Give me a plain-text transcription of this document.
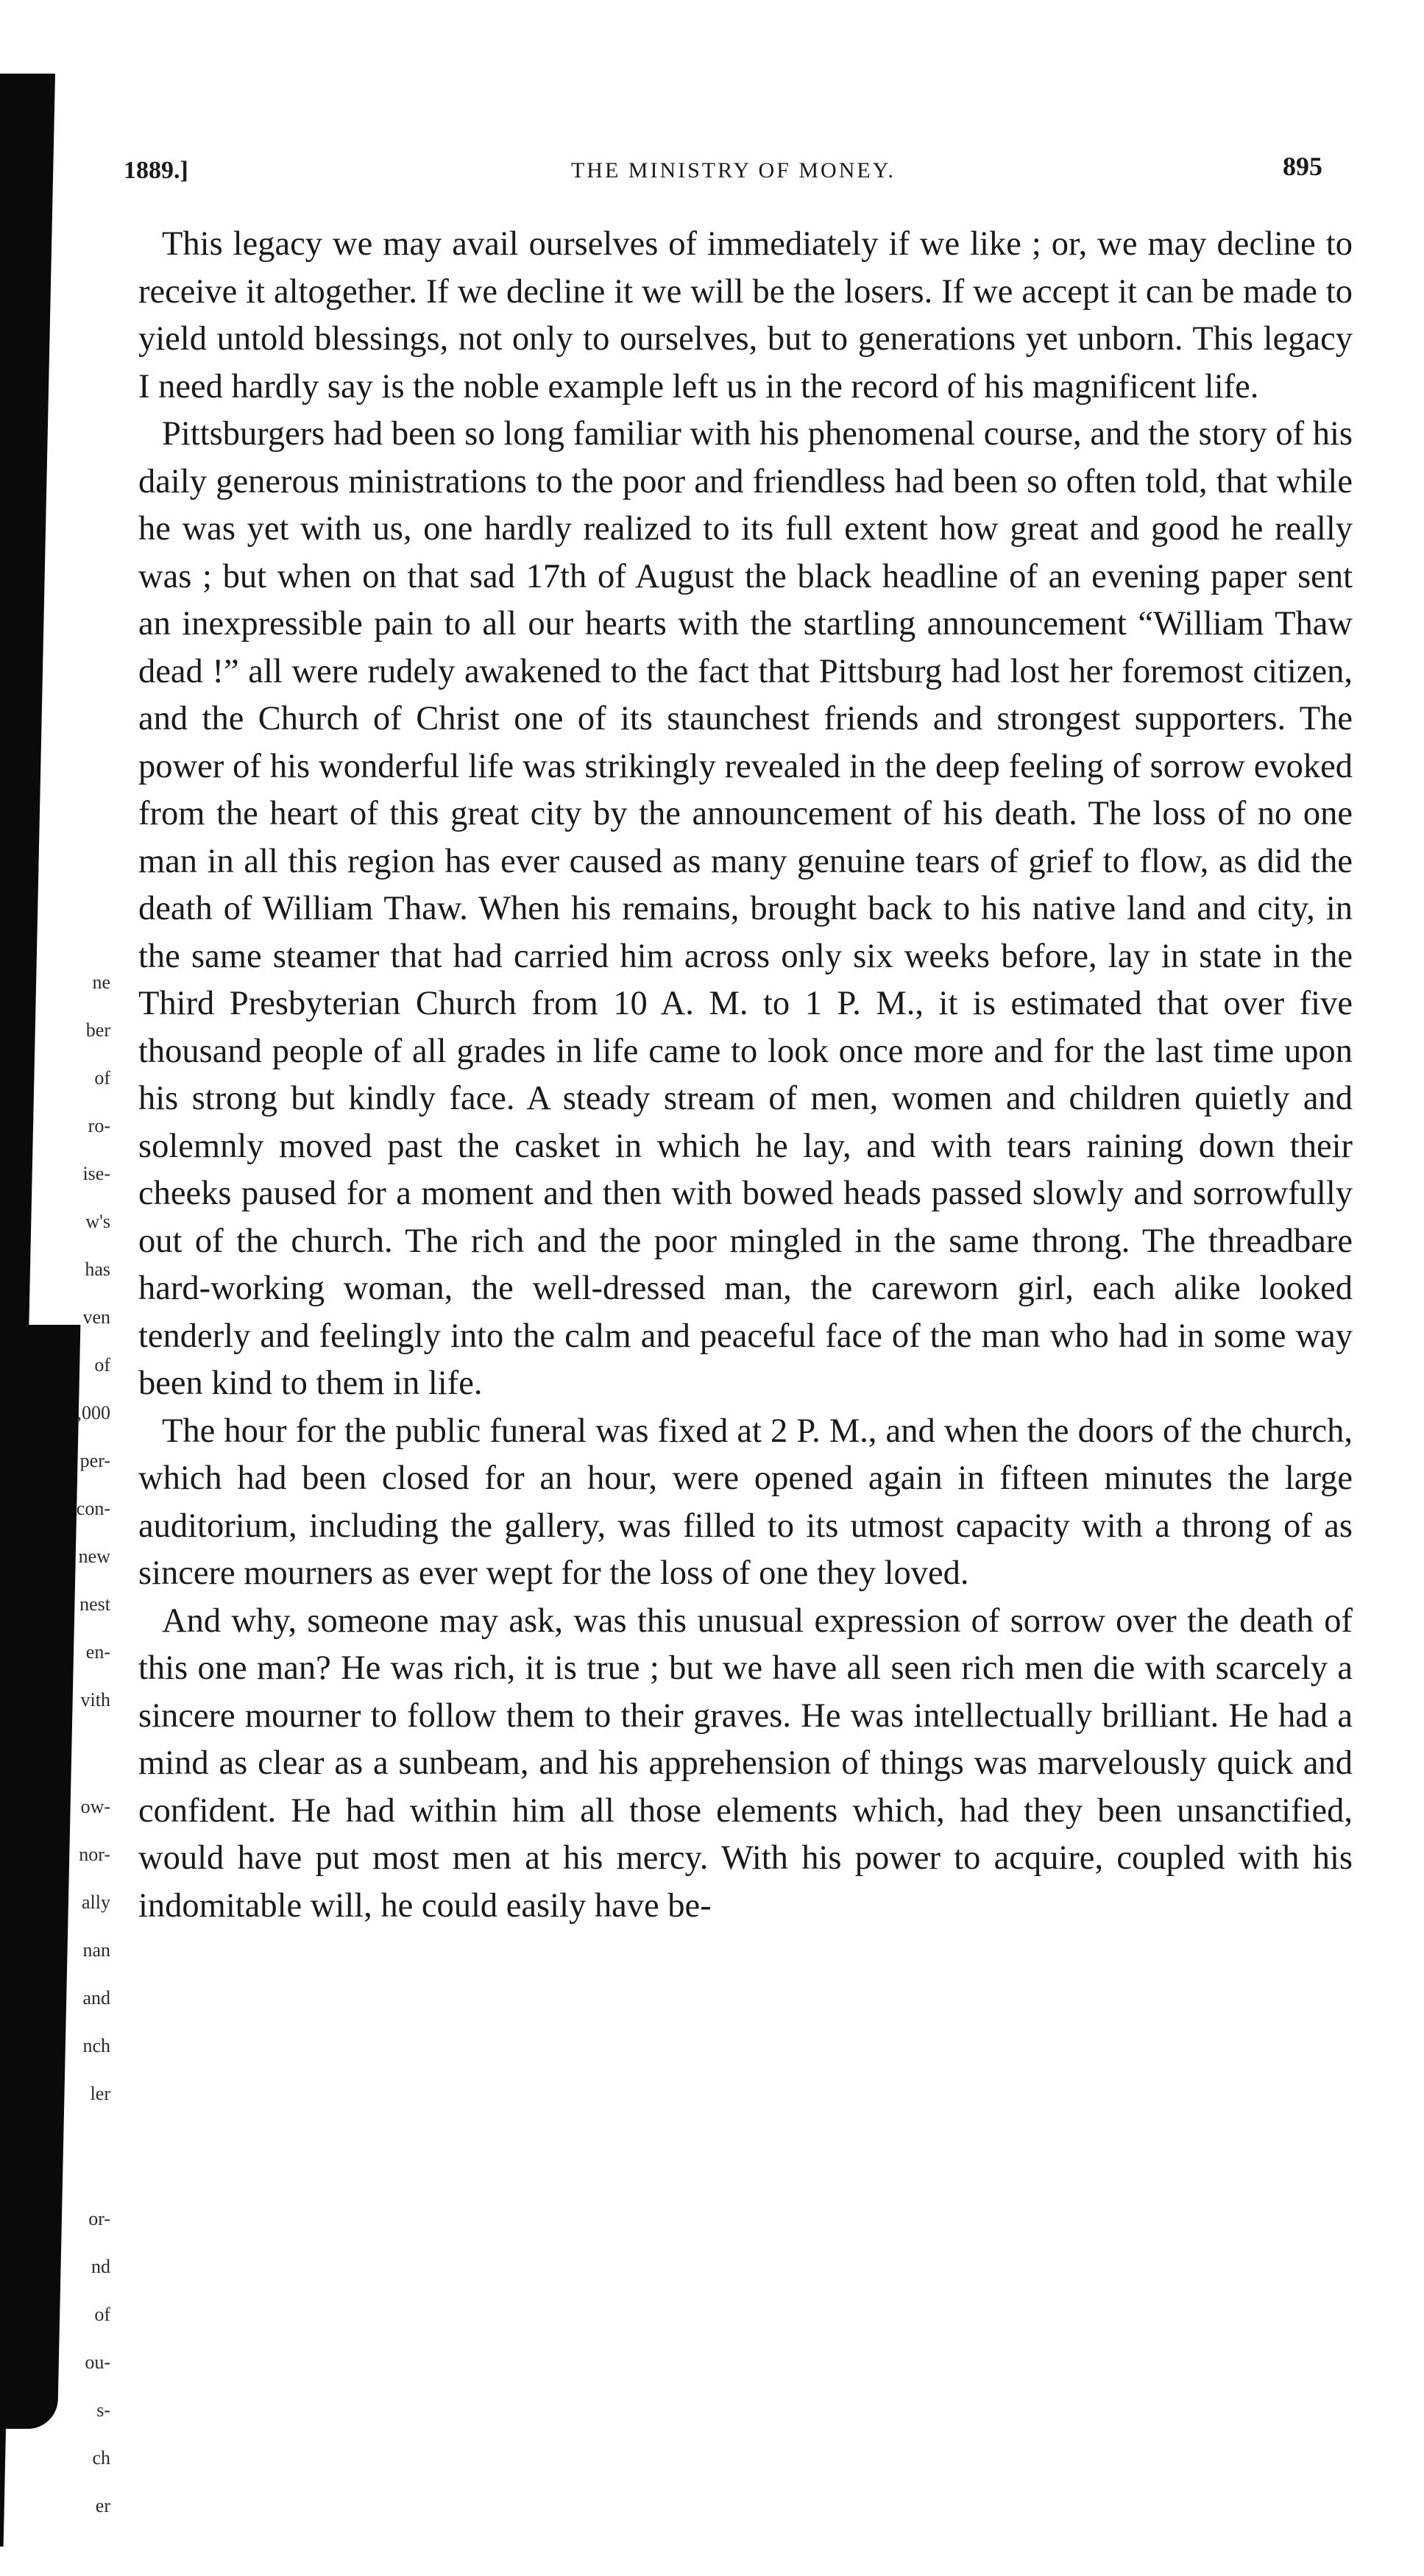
ne
ber
of
ro-
ise-
w's
has
ven
of
,000
per-
con-
new
nest
en-
vith
ow-
nor-
ally
nan
and
nch
ler
or-
nd
of
ou-
s-
ch
er
1889.]	THE MINISTRY OF MONEY.	895

This legacy we may avail ourselves of immediately if we like ; or, we may decline to receive it altogether. If we decline it we will be the losers. If we accept it can be made to yield untold blessings, not only to ourselves, but to generations yet unborn. This legacy I need hardly say is the noble example left us in the record of his magnificent life.

Pittsburgers had been so long familiar with his phenomenal course, and the story of his daily generous ministrations to the poor and friendless had been so often told, that while he was yet with us, one hardly realized to its full extent how great and good he really was ; but when on that sad 17th of August the black headline of an evening paper sent an inexpressible pain to all our hearts with the startling announcement “William Thaw dead !” all were rudely awakened to the fact that Pittsburg had lost her foremost citizen, and the Church of Christ one of its staunchest friends and strongest supporters. The power of his wonderful life was strikingly revealed in the deep feeling of sorrow evoked from the heart of this great city by the announcement of his death. The loss of no one man in all this region has ever caused as many genuine tears of grief to flow, as did the death of William Thaw. When his remains, brought back to his native land and city, in the same steamer that had carried him across only six weeks before, lay in state in the Third Presbyterian Church from 10 A. M. to 1 P. M., it is estimated that over five thousand people of all grades in life came to look once more and for the last time upon his strong but kindly face. A steady stream of men, women and children quietly and solemnly moved past the casket in which he lay, and with tears raining down their cheeks paused for a moment and then with bowed heads passed slowly and sorrowfully out of the church. The rich and the poor mingled in the same throng. The threadbare hard-working woman, the well-dressed man, the careworn girl, each alike looked tenderly and feelingly into the calm and peaceful face of the man who had in some way been kind to them in life.

The hour for the public funeral was fixed at 2 P. M., and when the doors of the church, which had been closed for an hour, were opened again in fifteen minutes the large auditorium, including the gallery, was filled to its utmost capacity with a throng of as sincere mourners as ever wept for the loss of one they loved.

And why, someone may ask, was this unusual expression of sorrow over the death of this one man? He was rich, it is true ; but we have all seen rich men die with scarcely a sincere mourner to follow them to their graves. He was intellectually brilliant. He had a mind as clear as a sunbeam, and his apprehension of things was marvelously quick and confident. He had within him all those elements which, had they been unsanctified, would have put most men at his mercy. With his power to acquire, coupled with his indomitable will, he could easily have be-
